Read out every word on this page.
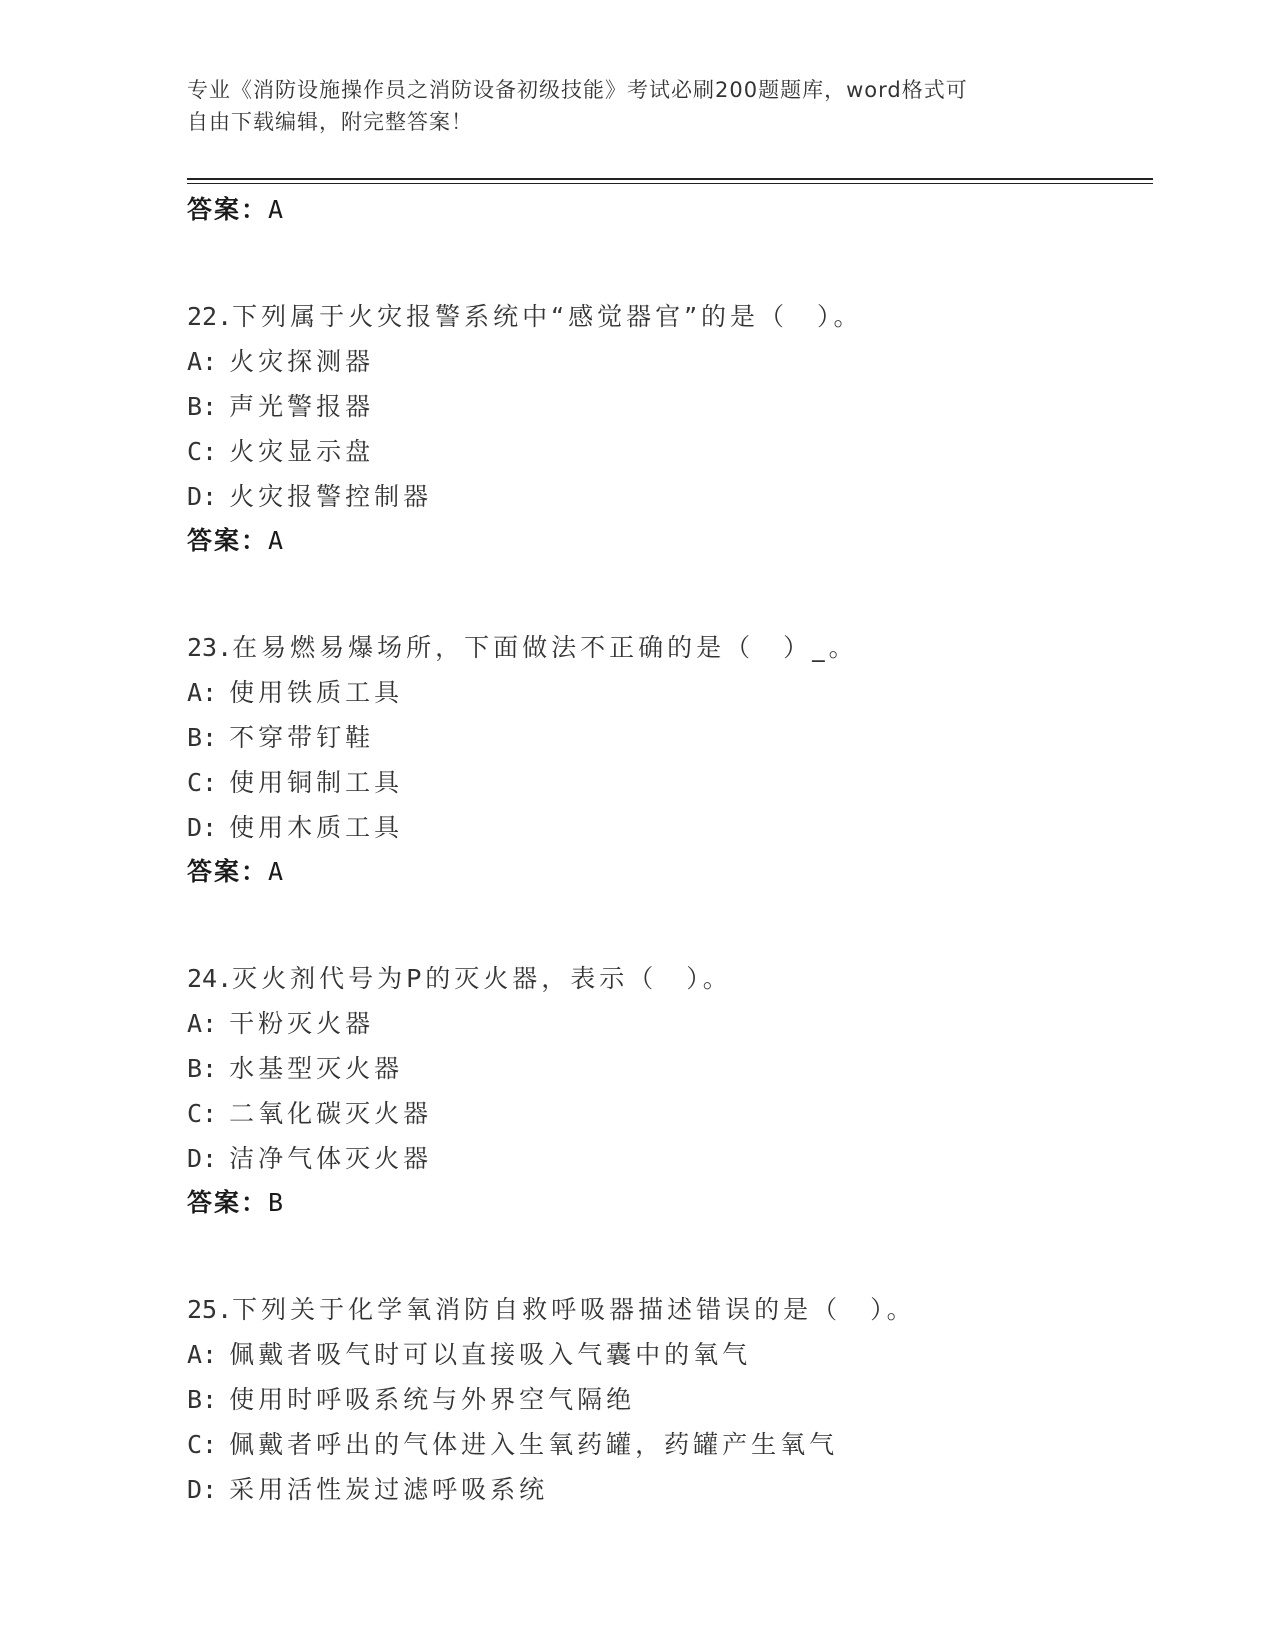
专业《消防设施操作员之消防设备初级技能》考试必刷200题题库，word格式可
自由下载编辑，附完整答案！
答案：A
22.下列属于火灾报警系统中“感觉器官”的是（　）。
A: 火灾探测器
B: 声光警报器
C: 火灾显示盘
D: 火灾报警控制器
答案：A
23.在易燃易爆场所，下面做法不正确的是（　）_。
A: 使用铁质工具
B: 不穿带钉鞋
C: 使用铜制工具
D: 使用木质工具
答案：A
24.灭火剂代号为P的灭火器，表示（　）。
A: 干粉灭火器
B: 水基型灭火器
C: 二氧化碳灭火器
D: 洁净气体灭火器
答案：B
25.下列关于化学氧消防自救呼吸器描述错误的是（　）。
A: 佩戴者吸气时可以直接吸入气囊中的氧气
B: 使用时呼吸系统与外界空气隔绝
C: 佩戴者呼出的气体进入生氧药罐，药罐产生氧气
D: 采用活性炭过滤呼吸系统
